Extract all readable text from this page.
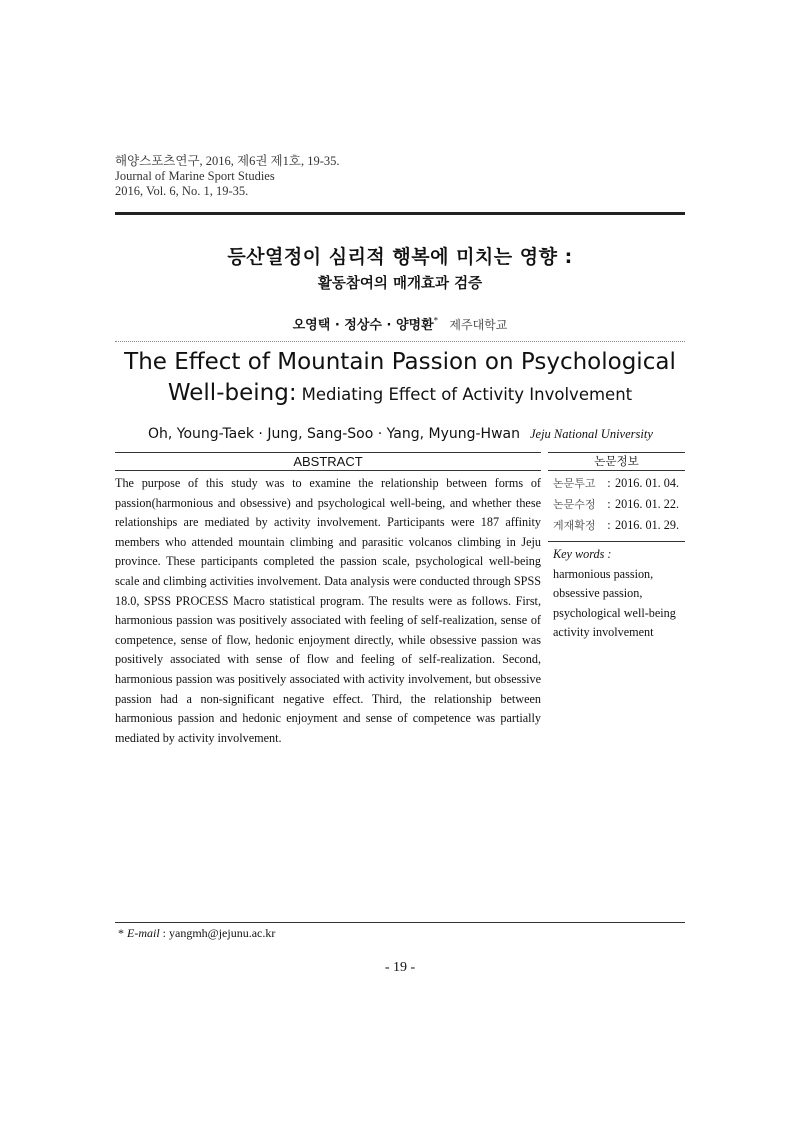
해양스포츠연구, 2016, 제6권 제1호, 19-35.
Journal of Marine Sport Studies
2016, Vol. 6, No. 1, 19-35.
등산열정이 심리적 행복에 미치는 영향 :
활동참여의 매개효과 검증
오영택 · 정상수 · 양명환* 제주대학교
The Effect of Mountain Passion on Psychological
Well-being: Mediating Effect of Activity Involvement
Oh, Young-Taek · Jung, Sang-Soo · Yang, Myung-Hwan Jeju National University
ABSTRACT
The purpose of this study was to examine the relationship between forms of passion(harmonious and obsessive) and psychological well-being, and whether these relationships are mediated by activity involvement. Participants were 187 affinity members who attended mountain climbing and parasitic volcanos climbing in Jeju province. These participants completed the passion scale, psychological well-being scale and climbing activities involvement. Data analysis were conducted through SPSS 18.0, SPSS PROCESS Macro statistical program. The results were as follows. First, harmonious passion was positively associated with feeling of self-realization, sense of competence, sense of flow, hedonic enjoyment directly, while obsessive passion was positively associated with sense of flow and feeling of self-realization. Second, harmonious passion was positively associated with activity involvement, but obsessive passion had a non-significant negative effect. Third, the relationship between harmonious passion and hedonic enjoyment and sense of competence was partially mediated by activity involvement.
논문정보
논문투고 : 2016. 01. 04.
논문수정 : 2016. 01. 22.
게재확정 : 2016. 01. 29.
Key words :
harmonious passion,
obsessive passion,
psychological well-being
activity involvement
* E-mail : yangmh@jejunu.ac.kr
- 19 -
